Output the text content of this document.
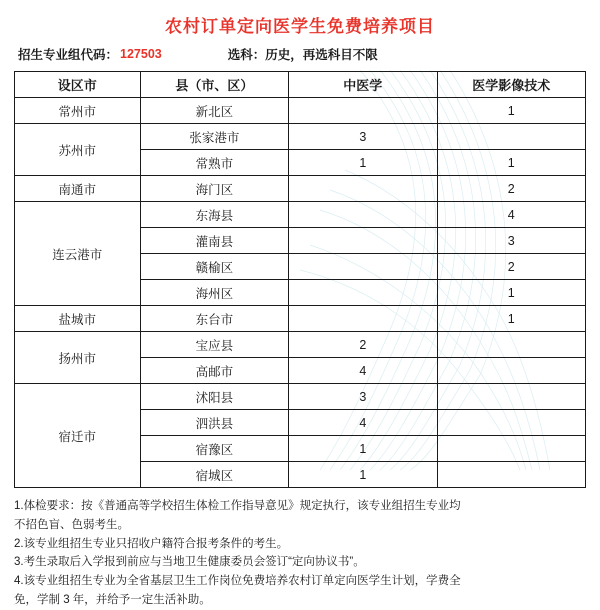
农村订单定向医学生免费培养项目
招生专业组代码： 127503	选科： 历史，再选科目不限
设区市	县（市、区）	中医学	医学影像技术
常州市	新北区		1
苏州市	张家港市	3	
	常熟市	1	1
南通市	海门区		2
连云港市	东海县		4
	灌南县		3
	赣榆区		2
	海州区		1
盐城市	东台市		1
扬州市	宝应县	2	
	高邮市	4	
宿迁市	沭阳县	3	
	泗洪县	4	
	宿豫区	1	
	宿城区	1	

1.体检要求：按《普通高等学校招生体检工作指导意见》规定执行，该专业组招生专业均

不招色盲、色弱考生。

2.该专业组招生专业只招收户籍符合报考条件的考生。

3.考生录取后入学报到前应与当地卫生健康委员会签订“定向协议书”。

4.该专业组招生专业为全省基层卫生工作岗位免费培养农村订单定向医学生计划，学费全

免，学制 3 年，并给予一定生活补助。
